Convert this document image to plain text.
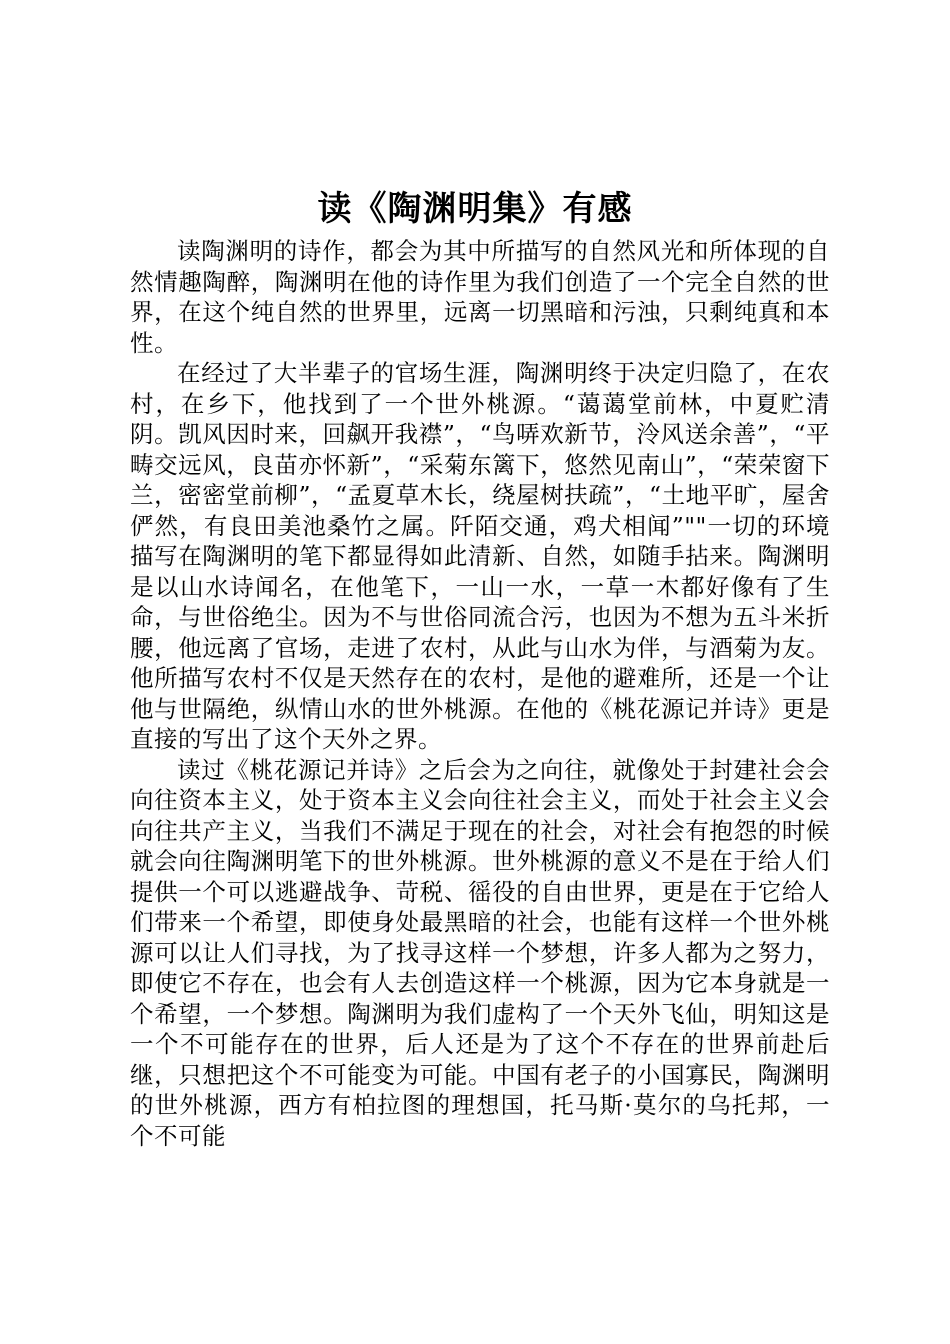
读《陶渊明集》有感

读陶渊明的诗作，都会为其中所描写的自然风光和所体现的自然情趣陶醉，陶渊明在他的诗作里为我们创造了一个完全自然的世界，在这个纯自然的世界里，远离一切黑暗和污浊，只剩纯真和本性。

在经过了大半辈子的官场生涯，陶渊明终于决定归隐了，在农村，在乡下，他找到了一个世外桃源。“蔼蔼堂前林，中夏贮清阴。凯风因时来，回飙开我襟”，“鸟哢欢新节，泠风送余善”，“平畴交远风，良苗亦怀新”，“采菊东篱下，悠然见南山”，“荣荣窗下兰，密密堂前柳”，“孟夏草木长，绕屋树扶疏”，“土地平旷，屋舍俨然，有良田美池桑竹之属。阡陌交通，鸡犬相闻”""一切的环境描写在陶渊明的笔下都显得如此清新、自然，如随手拈来。陶渊明是以山水诗闻名，在他笔下，一山一水，一草一木都好像有了生命，与世俗绝尘。因为不与世俗同流合污，也因为不想为五斗米折腰，他远离了官场，走进了农村，从此与山水为伴，与酒菊为友。他所描写农村不仅是天然存在的农村，是他的避难所，还是一个让他与世隔绝，纵情山水的世外桃源。在他的《桃花源记并诗》更是直接的写出了这个天外之界。

读过《桃花源记并诗》之后会为之向往，就像处于封建社会会向往资本主义，处于资本主义会向往社会主义，而处于社会主义会向往共产主义，当我们不满足于现在的社会，对社会有抱怨的时候就会向往陶渊明笔下的世外桃源。世外桃源的意义不是在于给人们提供一个可以逃避战争、苛税、徭役的自由世界，更是在于它给人们带来一个希望，即使身处最黑暗的社会，也能有这样一个世外桃源可以让人们寻找，为了找寻这样一个梦想，许多人都为之努力，即使它不存在，也会有人去创造这样一个桃源，因为它本身就是一个希望，一个梦想。陶渊明为我们虚构了一个天外飞仙，明知这是一个不可能存在的世界，后人还是为了这个不存在的世界前赴后继，只想把这个不可能变为可能。中国有老子的小国寡民，陶渊明的世外桃源，西方有柏拉图的理想国，托马斯·莫尔的乌托邦，一个不可能
